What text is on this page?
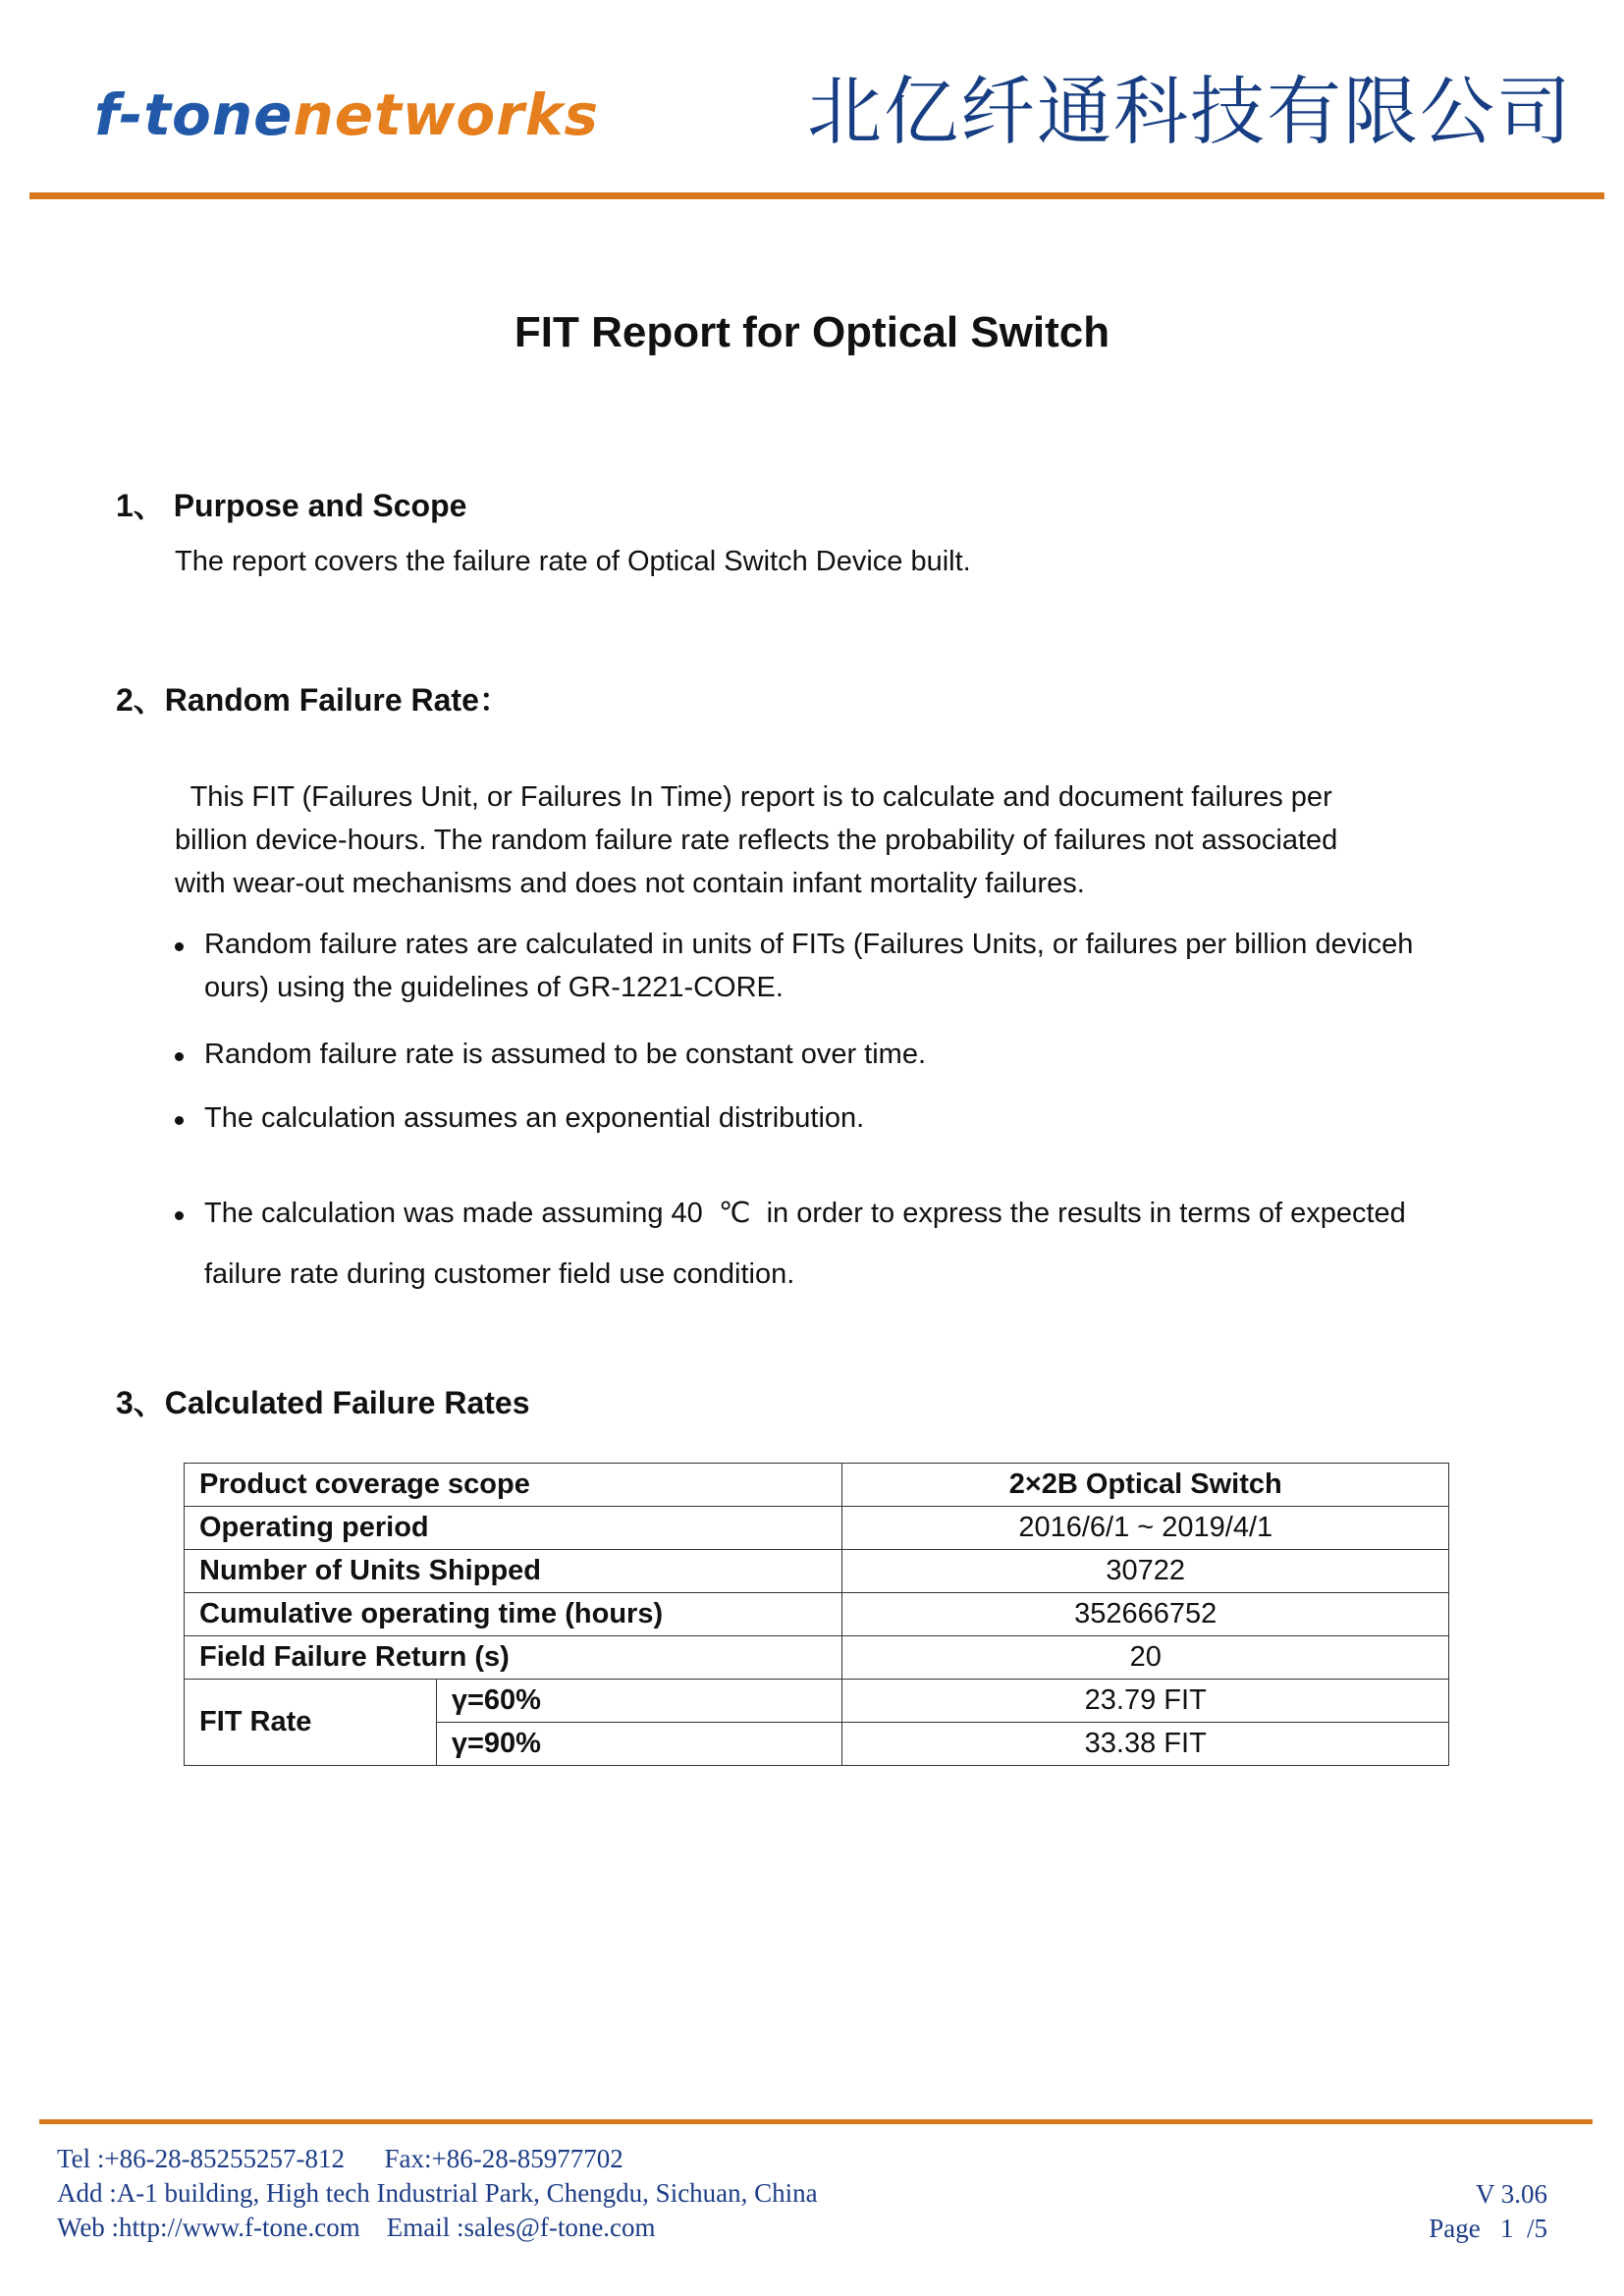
f-tonenetworks	北亿纤通科技有限公司
FIT Report for Optical Switch
1、 Purpose and Scope
The report covers the failure rate of Optical Switch Device built.
2、Random Failure Rate：
This FIT (Failures Unit, or Failures In Time) report is to calculate and document failures per
billion device-hours. The random failure rate reflects the probability of failures not associated
with wear-out mechanisms and does not contain infant mortality failures.
Random failure rates are calculated in units of FITs (Failures Units, or failures per billion deviceh
ours) using the guidelines of GR-1221-CORE.
Random failure rate is assumed to be constant over time.
The calculation assumes an exponential distribution.
The calculation was made assuming 40  ℃  in order to express the results in terms of expected
failure rate during customer field use condition.
3、Calculated Failure Rates
Product coverage scope		2×2B Optical Switch
Operating period		2016/6/1 ~ 2019/4/1
Number of Units Shipped		30722
Cumulative operating time (hours)		352666752
Field Failure Return (s)		20
FIT Rate	γ=60%	23.79 FIT
	γ=90%	33.38 FIT
Tel :+86-28-85255257-812      Fax:+86-28-85977702
Add :A-1 building, High tech Industrial Park, Chengdu, Sichuan, China
Web :http://www.f-tone.com    Email :sales@f-tone.com
V 3.06
Page   1  /5
